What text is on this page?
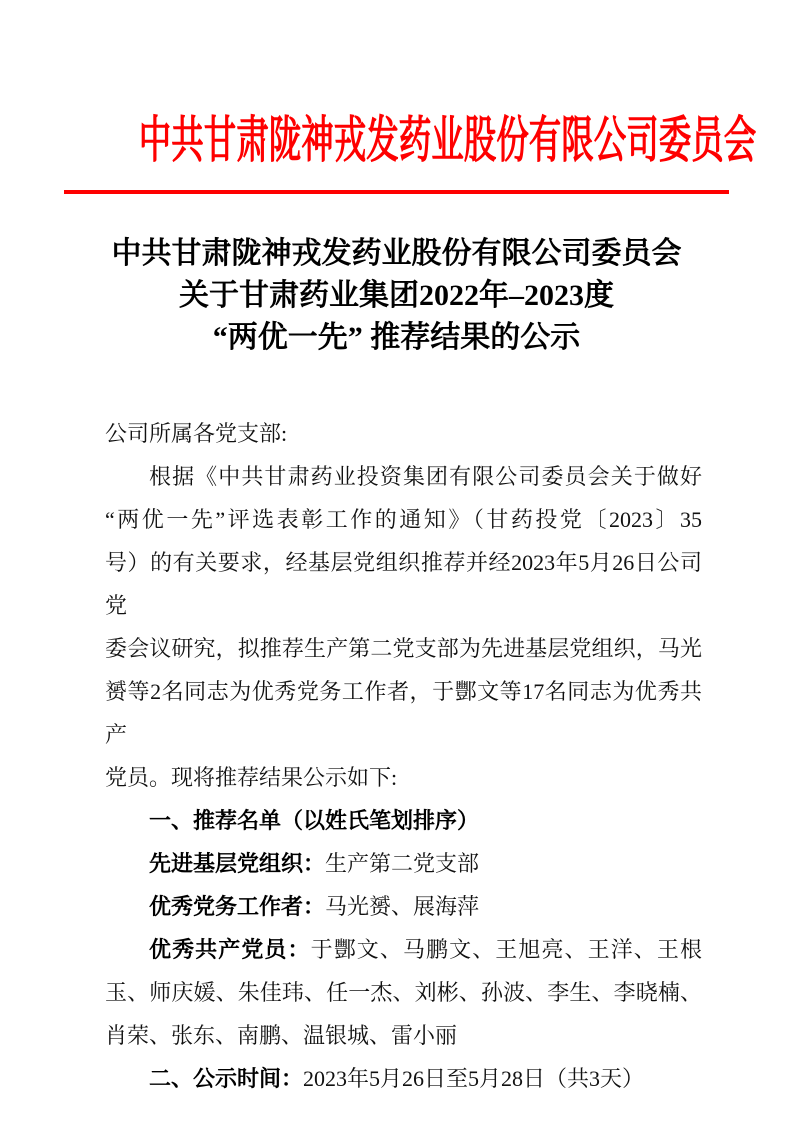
中共甘肃陇神戎发药业股份有限公司委员会
中共甘肃陇神戎发药业股份有限公司委员会
关于甘肃药业集团2022年–2023度
“两优一先” 推荐结果的公示
公司所属各党支部:
根据《中共甘肃药业投资集团有限公司委员会关于做好
“两优一先”评选表彰工作的通知》（甘药投党〔2023〕35
号）的有关要求，经基层党组织推荐并经2023年5月26日公司党
委会议研究，拟推荐生产第二党支部为先进基层党组织，马光
赟等2名同志为优秀党务工作者，于酆文等17名同志为优秀共产
党员。现将推荐结果公示如下:
一、推荐名单（以姓氏笔划排序）
先进基层党组织：生产第二党支部
优秀党务工作者：马光赟、展海萍
优秀共产党员：于酆文、马鹏文、王旭亮、王洋、王根
玉、师庆媛、朱佳玮、任一杰、刘彬、孙波、李生、李晓楠、
肖荣、张东、南鹏、温银城、雷小丽
二、公示时间：2023年5月26日至5月28日（共3天）
